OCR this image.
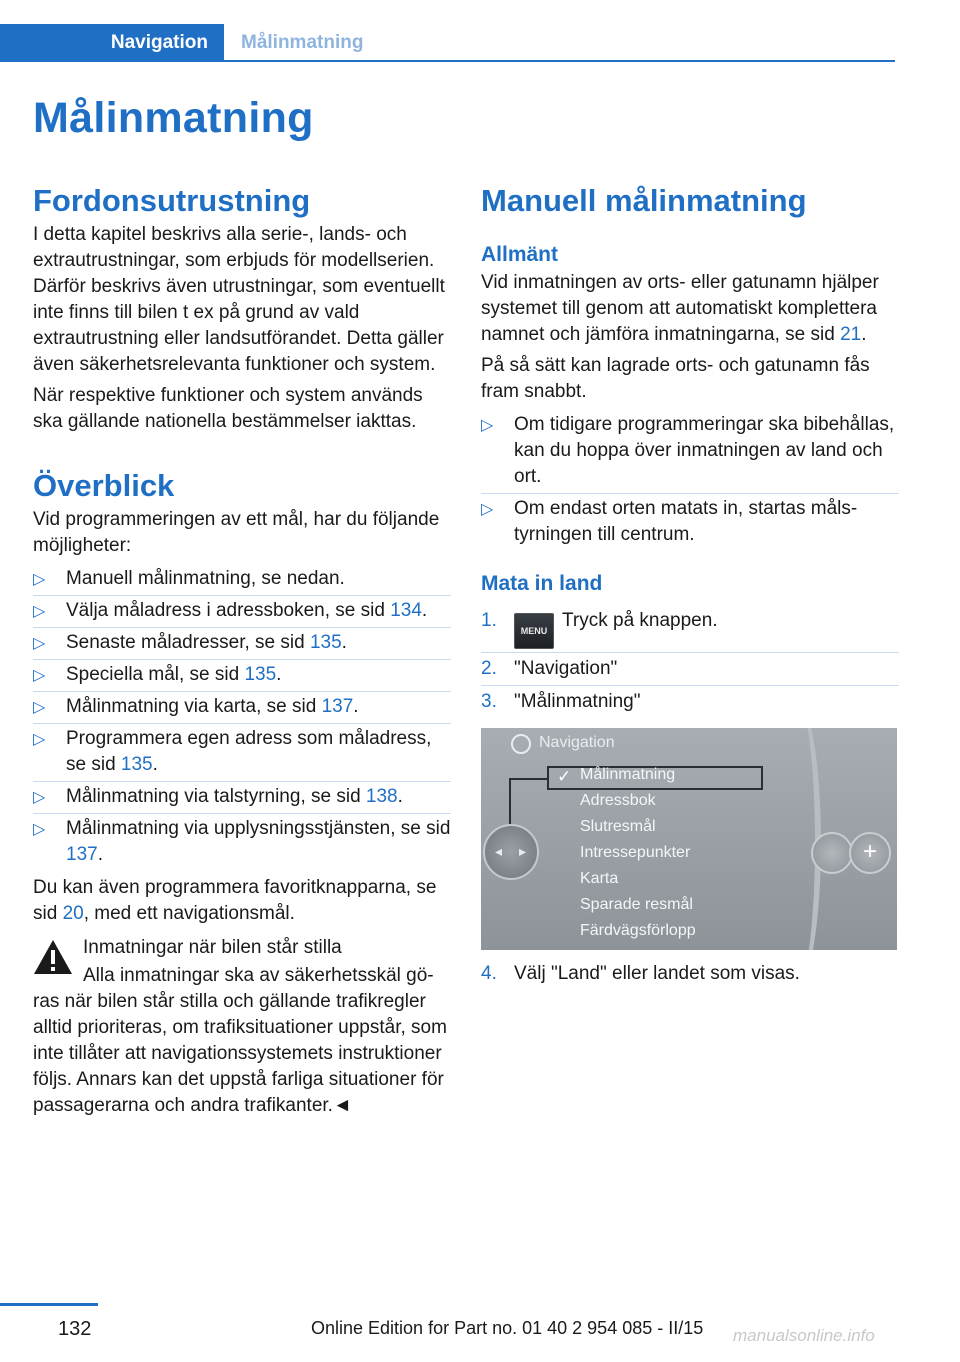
Navigation	Målinmatning
Målinmatning
Fordonsutrustning

I detta kapitel beskrivs alla serie-, lands- och extrautrustningar, som erbjuds för modellserien. Därför beskrivs även utrustningar, som eventuellt inte finns till bilen t ex på grund av vald extrautrustning eller landsutförandet. Detta gäller även säkerhetsrelevanta funktioner och system.

När respektive funktioner och system används ska gällande nationella bestämmelser iakttas.

Överblick

Vid programmeringen av ett mål, har du följande möjligheter:

▷ Manuell målinmatning, se nedan.
▷ Välja måladress i adressboken, se sid 134.
▷ Senaste måladresser, se sid 135.
▷ Speciella mål, se sid 135.
▷ Målinmatning via karta, se sid 137.
▷ Programmera egen adress som måladress, se sid 135.
▷ Målinmatning via talstyrning, se sid 138.
▷ Målinmatning via upplysningsstjänsten, se sid 137.

Du kan även programmera favoritknapparna, se sid 20, med ett navigationsmål.

Inmatningar när bilen står stilla

Alla inmatningar ska av säkerhetsskäl göras när bilen står stilla och gällande trafikregler alltid prioriteras, om trafiksituationer uppstår, som inte tillåter att navigationssystemets instruktioner följs. Annars kan det uppstå farliga situationer för passagerarna och andra trafikanter.◄

Manuell målinmatning
Allmänt

Vid inmatningen av orts- eller gatunamn hjälper systemet till genom att automatiskt komplettera namnet och jämföra inmatningarna, se sid 21.

På så sätt kan lagrade orts- och gatunamn fås fram snabbt.

▷ Om tidigare programmeringar ska bibehållas, kan du hoppa över inmatningen av land och ort.
▷ Om endast orten matats in, startas målstyrningen till centrum.
Mata in land
1.	MENU Tryck på knappen.
2. "Navigation"
3. "Målinmatning"
Navigation
✓ Målinmatning
Adressbok
Slutresmål
Intressepunkter
Karta
Sparade resmål
Färdvägsförlopp
◂ ▸	+
4. Välj "Land" eller landet som visas.
132	Online Edition for Part no. 01 40 2 954 085 - II/15 manualsonline.info
